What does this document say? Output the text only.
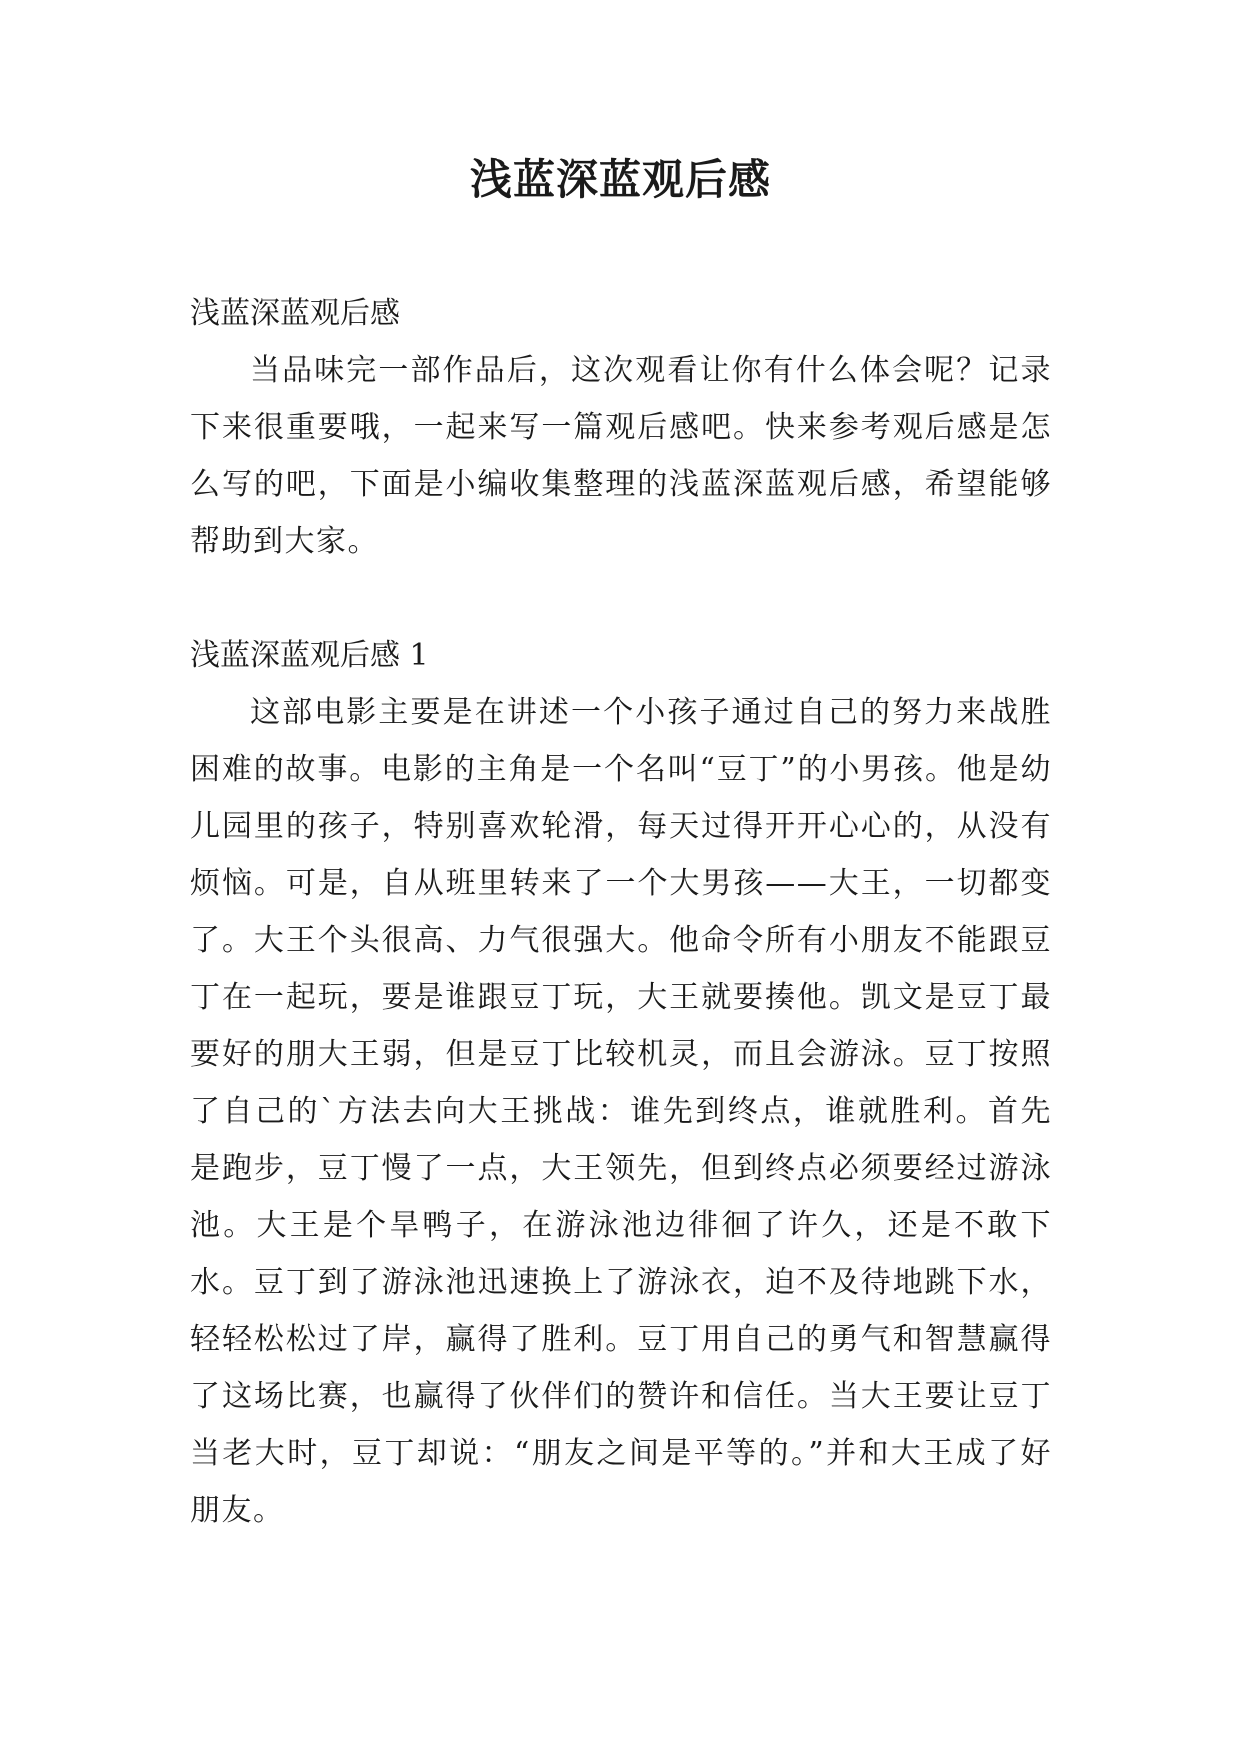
浅蓝深蓝观后感

浅蓝深蓝观后感

当品味完一部作品后，这次观看让你有什么体会呢？记录下来很重要哦，一起来写一篇观后感吧。快来参考观后感是怎么写的吧，下面是小编收集整理的浅蓝深蓝观后感，希望能够帮助到大家。

浅蓝深蓝观后感 1

这部电影主要是在讲述一个小孩子通过自己的努力来战胜困难的故事。电影的主角是一个名叫“豆丁”的小男孩。他是幼儿园里的孩子，特别喜欢轮滑，每天过得开开心心的，从没有烦恼。可是，自从班里转来了一个大男孩——大王，一切都变了。大王个头很高、力气很强大。他命令所有小朋友不能跟豆丁在一起玩，要是谁跟豆丁玩，大王就要揍他。凯文是豆丁最要好的朋大王弱，但是豆丁比较机灵，而且会游泳。豆丁按照了自己的`方法去向大王挑战：谁先到终点，谁就胜利。首先是跑步，豆丁慢了一点，大王领先，但到终点必须要经过游泳池。大王是个旱鸭子，在游泳池边徘徊了许久，还是不敢下水。豆丁到了游泳池迅速换上了游泳衣，迫不及待地跳下水，轻轻松松过了岸，赢得了胜利。豆丁用自己的勇气和智慧赢得了这场比赛，也赢得了伙伴们的赞许和信任。当大王要让豆丁当老大时，豆丁却说：“朋友之间是平等的。”并和大王成了好朋友。
